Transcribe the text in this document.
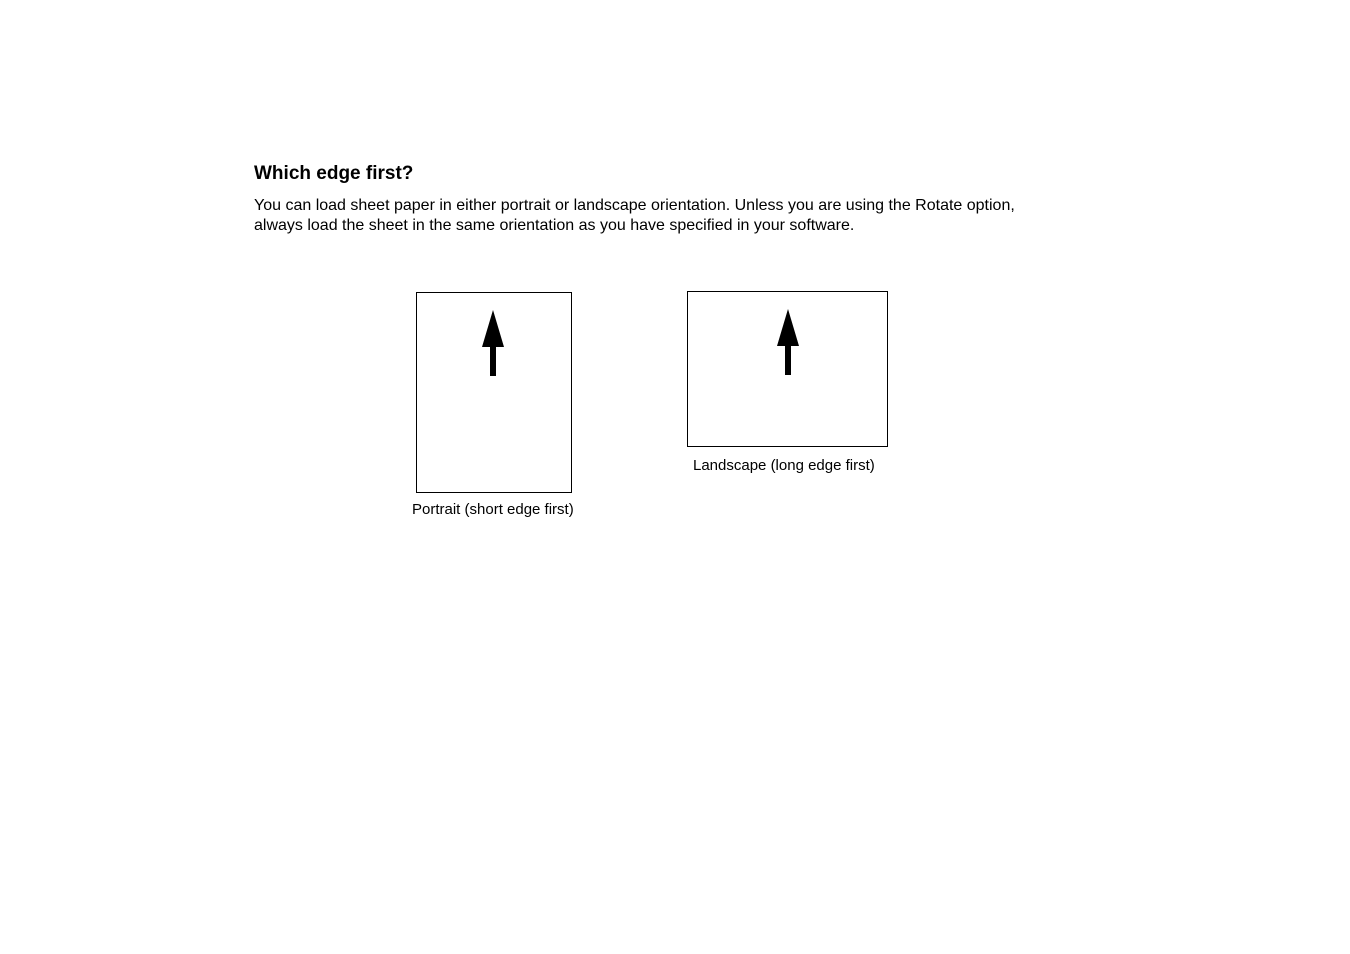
Which edge first?

You can load sheet paper in either portrait or landscape orientation. Unless you are using the Rotate option,
always load the sheet in the same orientation as you have specified in your software.

Portrait (short edge first)

Landscape (long edge first)
